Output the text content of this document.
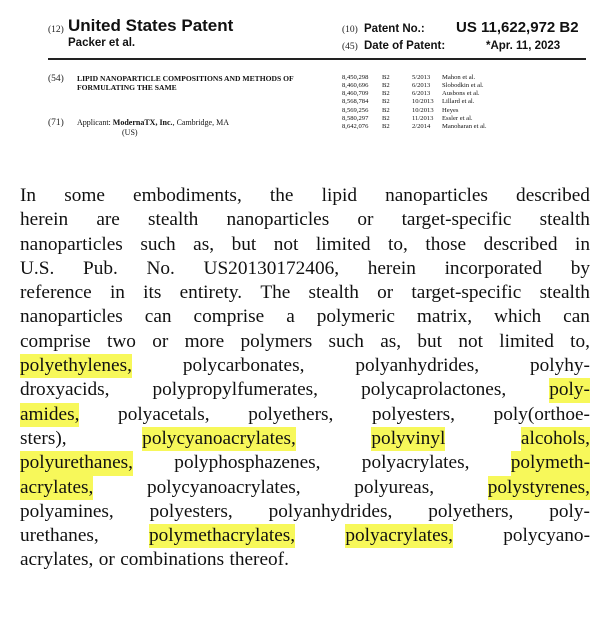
(12) United States Patent
Packer et al.
(10) Patent No.: US 11,622,972 B2
(45) Date of Patent:	*Apr. 11, 2023
(54) LIPID NANOPARTICLE COMPOSITIONS AND METHODS OF FORMULATING THE SAME
(71) Applicant: ModernaTX, Inc., Cambridge, MA
(US)
8,450,298	B2	5/2013	Mahon et al.
8,460,696	B2	6/2013	Slobodkin et al.
8,460,709	B2	6/2013	Ausbons et al.
8,568,784	B2	10/2013	Lillard et al.
8,569,256	B2	10/2013	Heyes
8,580,297	B2	11/2013	Essler et al.
8,642,076	B2	2/2014	Manoharan et al.
In some embodiments, the lipid nanoparticles described
herein are stealth nanoparticles or target-specific stealth
nanoparticles such as, but not limited to, those described in
U.S. Pub. No. US20130172406, herein incorporated by
reference in its entirety. The stealth or target-specific stealth
nanoparticles can comprise a polymeric matrix, which can
comprise two or more polymers such as, but not limited to,
polyethylenes,	polycarbonates,	polyanhydrides,	polyhy-
droxyacids, polypropylfumerates, polycaprolactones, poly-
amides, polyacetals, polyethers, polyesters, poly(orthoe-
sters),	polycyanoacrylates,	polyvinyl	alcohols,
polyurethanes, polyphosphazenes, polyacrylates, polymeth-
acrylates,	polycyanoacrylates,	polyureas,	polystyrenes,
polyamines, polyesters, polyanhydrides, polyethers, poly-
urethanes,	polymethacrylates,	polyacrylates,	polycyano-
acrylates, or combinations thereof.
